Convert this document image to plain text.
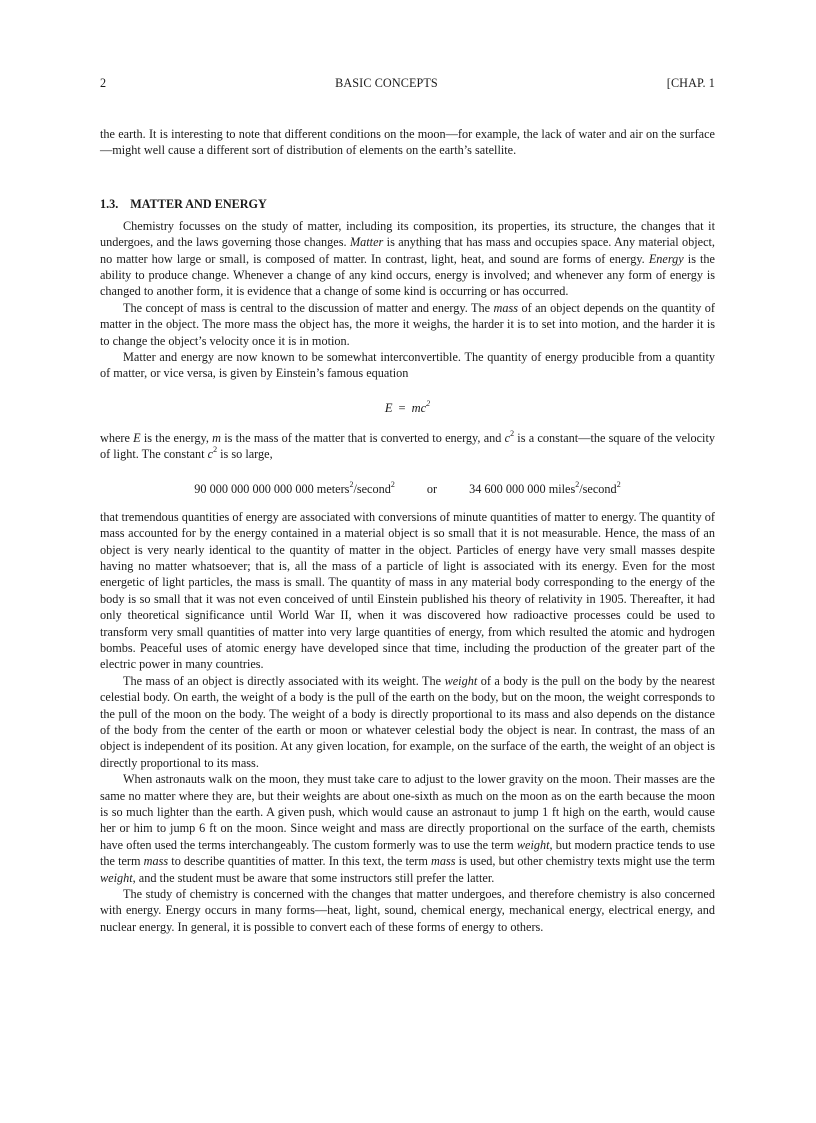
2	BASIC CONCEPTS	[CHAP. 1

the earth. It is interesting to note that different conditions on the moon—for example, the lack of water and air on the surface—might well cause a different sort of distribution of elements on the earth’s satellite.

1.3. MATTER AND ENERGY

Chemistry focusses on the study of matter, including its composition, its properties, its structure, the changes that it undergoes, and the laws governing those changes. Matter is anything that has mass and occupies space. Any material object, no matter how large or small, is composed of matter. In contrast, light, heat, and sound are forms of energy. Energy is the ability to produce change. Whenever a change of any kind occurs, energy is involved; and whenever any form of energy is changed to another form, it is evidence that a change of some kind is occurring or has occurred.

The concept of mass is central to the discussion of matter and energy. The mass of an object depends on the quantity of matter in the object. The more mass the object has, the more it weighs, the harder it is to set into motion, and the harder it is to change the object’s velocity once it is in motion.

Matter and energy are now known to be somewhat interconvertible. The quantity of energy producible from a quantity of matter, or vice versa, is given by Einstein’s famous equation

$E = mc^2$

where E is the energy, m is the mass of the matter that is converted to energy, and $c^2$ is a constant—the square of the velocity of light. The constant $c^2$ is so large,

90 000 000 000 000 000 meters$^2$/second$^2$	or	34 600 000 000 miles$^2$/second$^2$

that tremendous quantities of energy are associated with conversions of minute quantities of matter to energy. The quantity of mass accounted for by the energy contained in a material object is so small that it is not measurable. Hence, the mass of an object is very nearly identical to the quantity of matter in the object. Particles of energy have very small masses despite having no matter whatsoever; that is, all the mass of a particle of light is associated with its energy. Even for the most energetic of light particles, the mass is small. The quantity of mass in any material body corresponding to the energy of the body is so small that it was not even conceived of until Einstein published his theory of relativity in 1905. Thereafter, it had only theoretical significance until World War II, when it was discovered how radioactive processes could be used to transform very small quantities of matter into very large quantities of energy, from which resulted the atomic and hydrogen bombs. Peaceful uses of atomic energy have developed since that time, including the production of the greater part of the electric power in many countries.

The mass of an object is directly associated with its weight. The weight of a body is the pull on the body by the nearest celestial body. On earth, the weight of a body is the pull of the earth on the body, but on the moon, the weight corresponds to the pull of the moon on the body. The weight of a body is directly proportional to its mass and also depends on the distance of the body from the center of the earth or moon or whatever celestial body the object is near. In contrast, the mass of an object is independent of its position. At any given location, for example, on the surface of the earth, the weight of an object is directly proportional to its mass.

When astronauts walk on the moon, they must take care to adjust to the lower gravity on the moon. Their masses are the same no matter where they are, but their weights are about one-sixth as much on the moon as on the earth because the moon is so much lighter than the earth. A given push, which would cause an astronaut to jump 1 ft high on the earth, would cause her or him to jump 6 ft on the moon. Since weight and mass are directly proportional on the surface of the earth, chemists have often used the terms interchangeably. The custom formerly was to use the term weight, but modern practice tends to use the term mass to describe quantities of matter. In this text, the term mass is used, but other chemistry texts might use the term weight, and the student must be aware that some instructors still prefer the latter.

The study of chemistry is concerned with the changes that matter undergoes, and therefore chemistry is also concerned with energy. Energy occurs in many forms—heat, light, sound, chemical energy, mechanical energy, electrical energy, and nuclear energy. In general, it is possible to convert each of these forms of energy to others.
